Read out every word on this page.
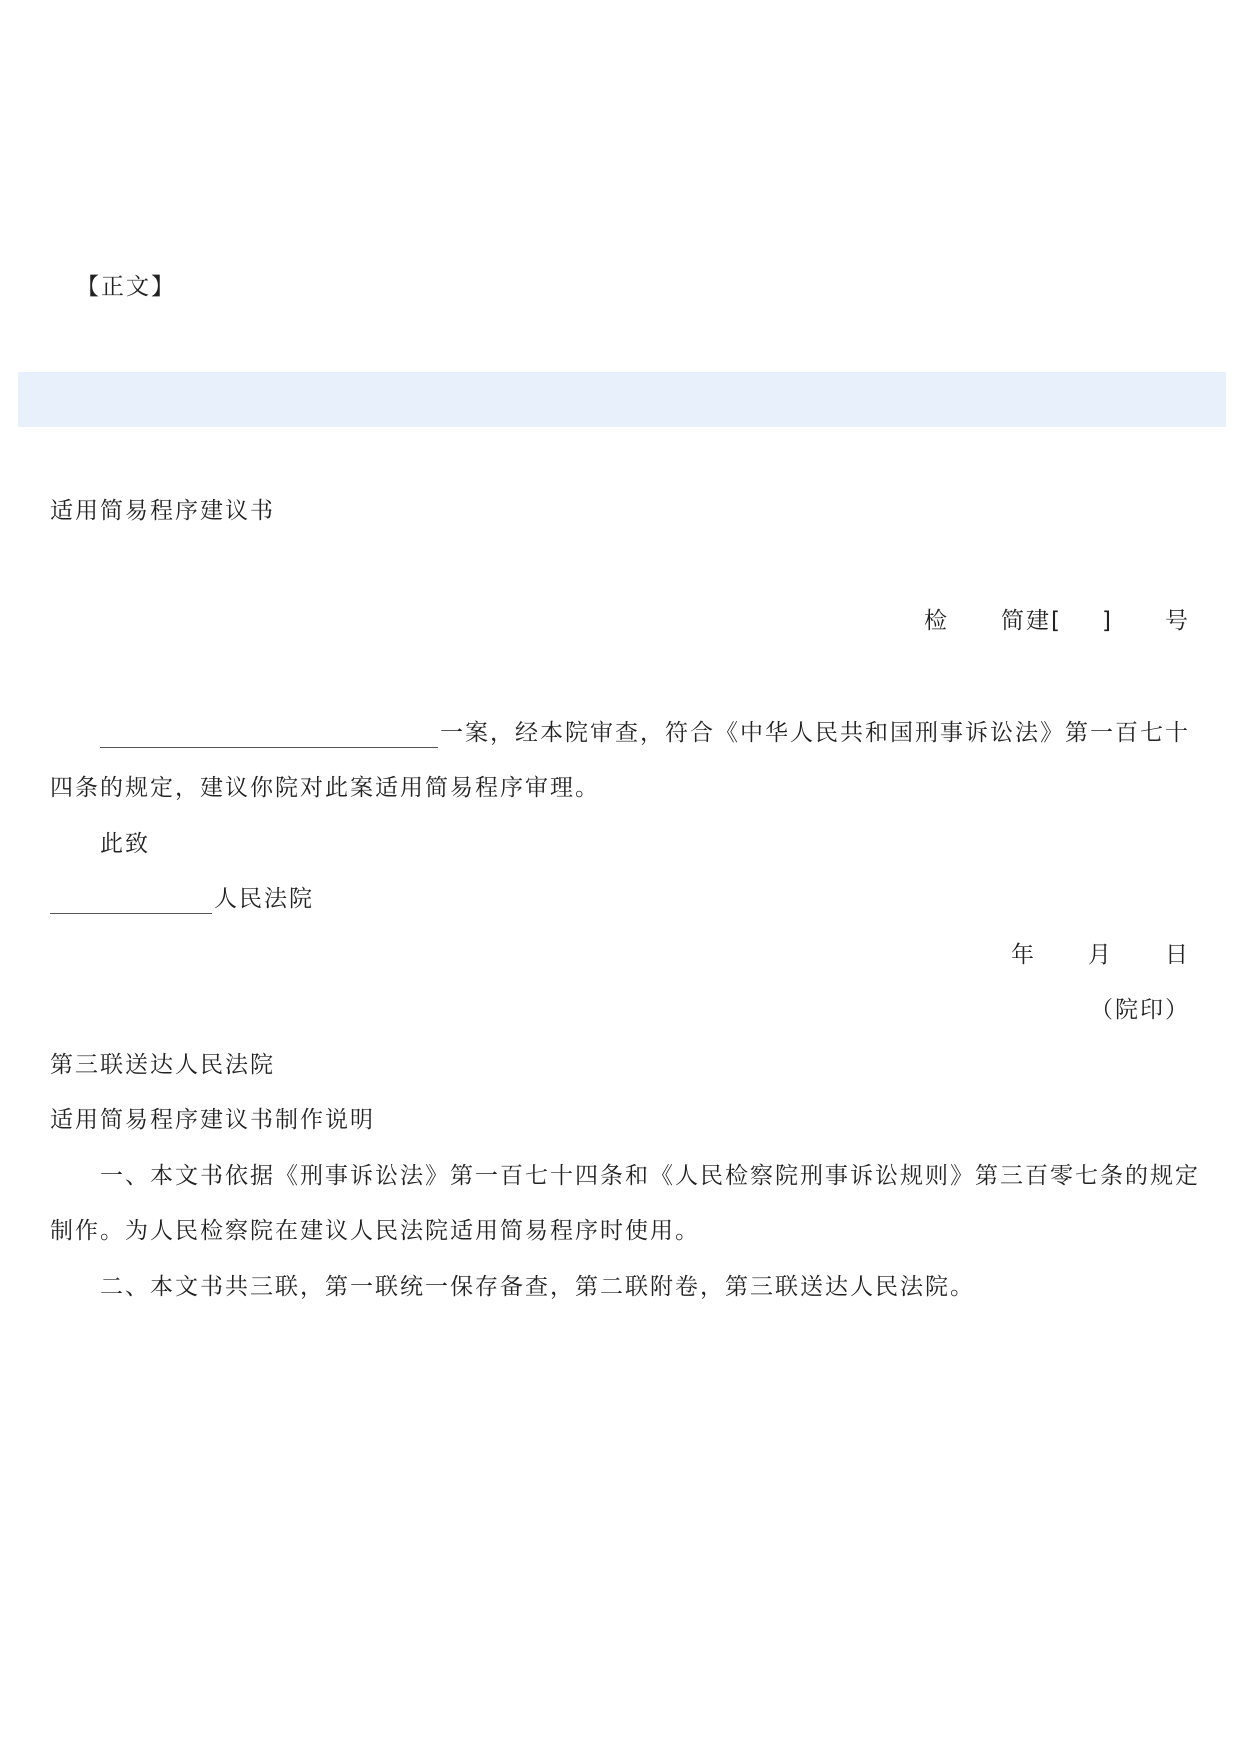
【正文】
适用简易程序建议书
检 简建[ ] 号
一案，经本院审查，符合《中华人民共和国刑事诉讼法》第一百七十
四条的规定，建议你院对此案适用简易程序审理。
此致
人民法院
年 月 日
（院印）
第三联送达人民法院
适用简易程序建议书制作说明
一、本文书依据《刑事诉讼法》第一百七十四条和《人民检察院刑事诉讼规则》第三百零七条的规定
制作。为人民检察院在建议人民法院适用简易程序时使用。
二、本文书共三联，第一联统一保存备查，第二联附卷，第三联送达人民法院。
